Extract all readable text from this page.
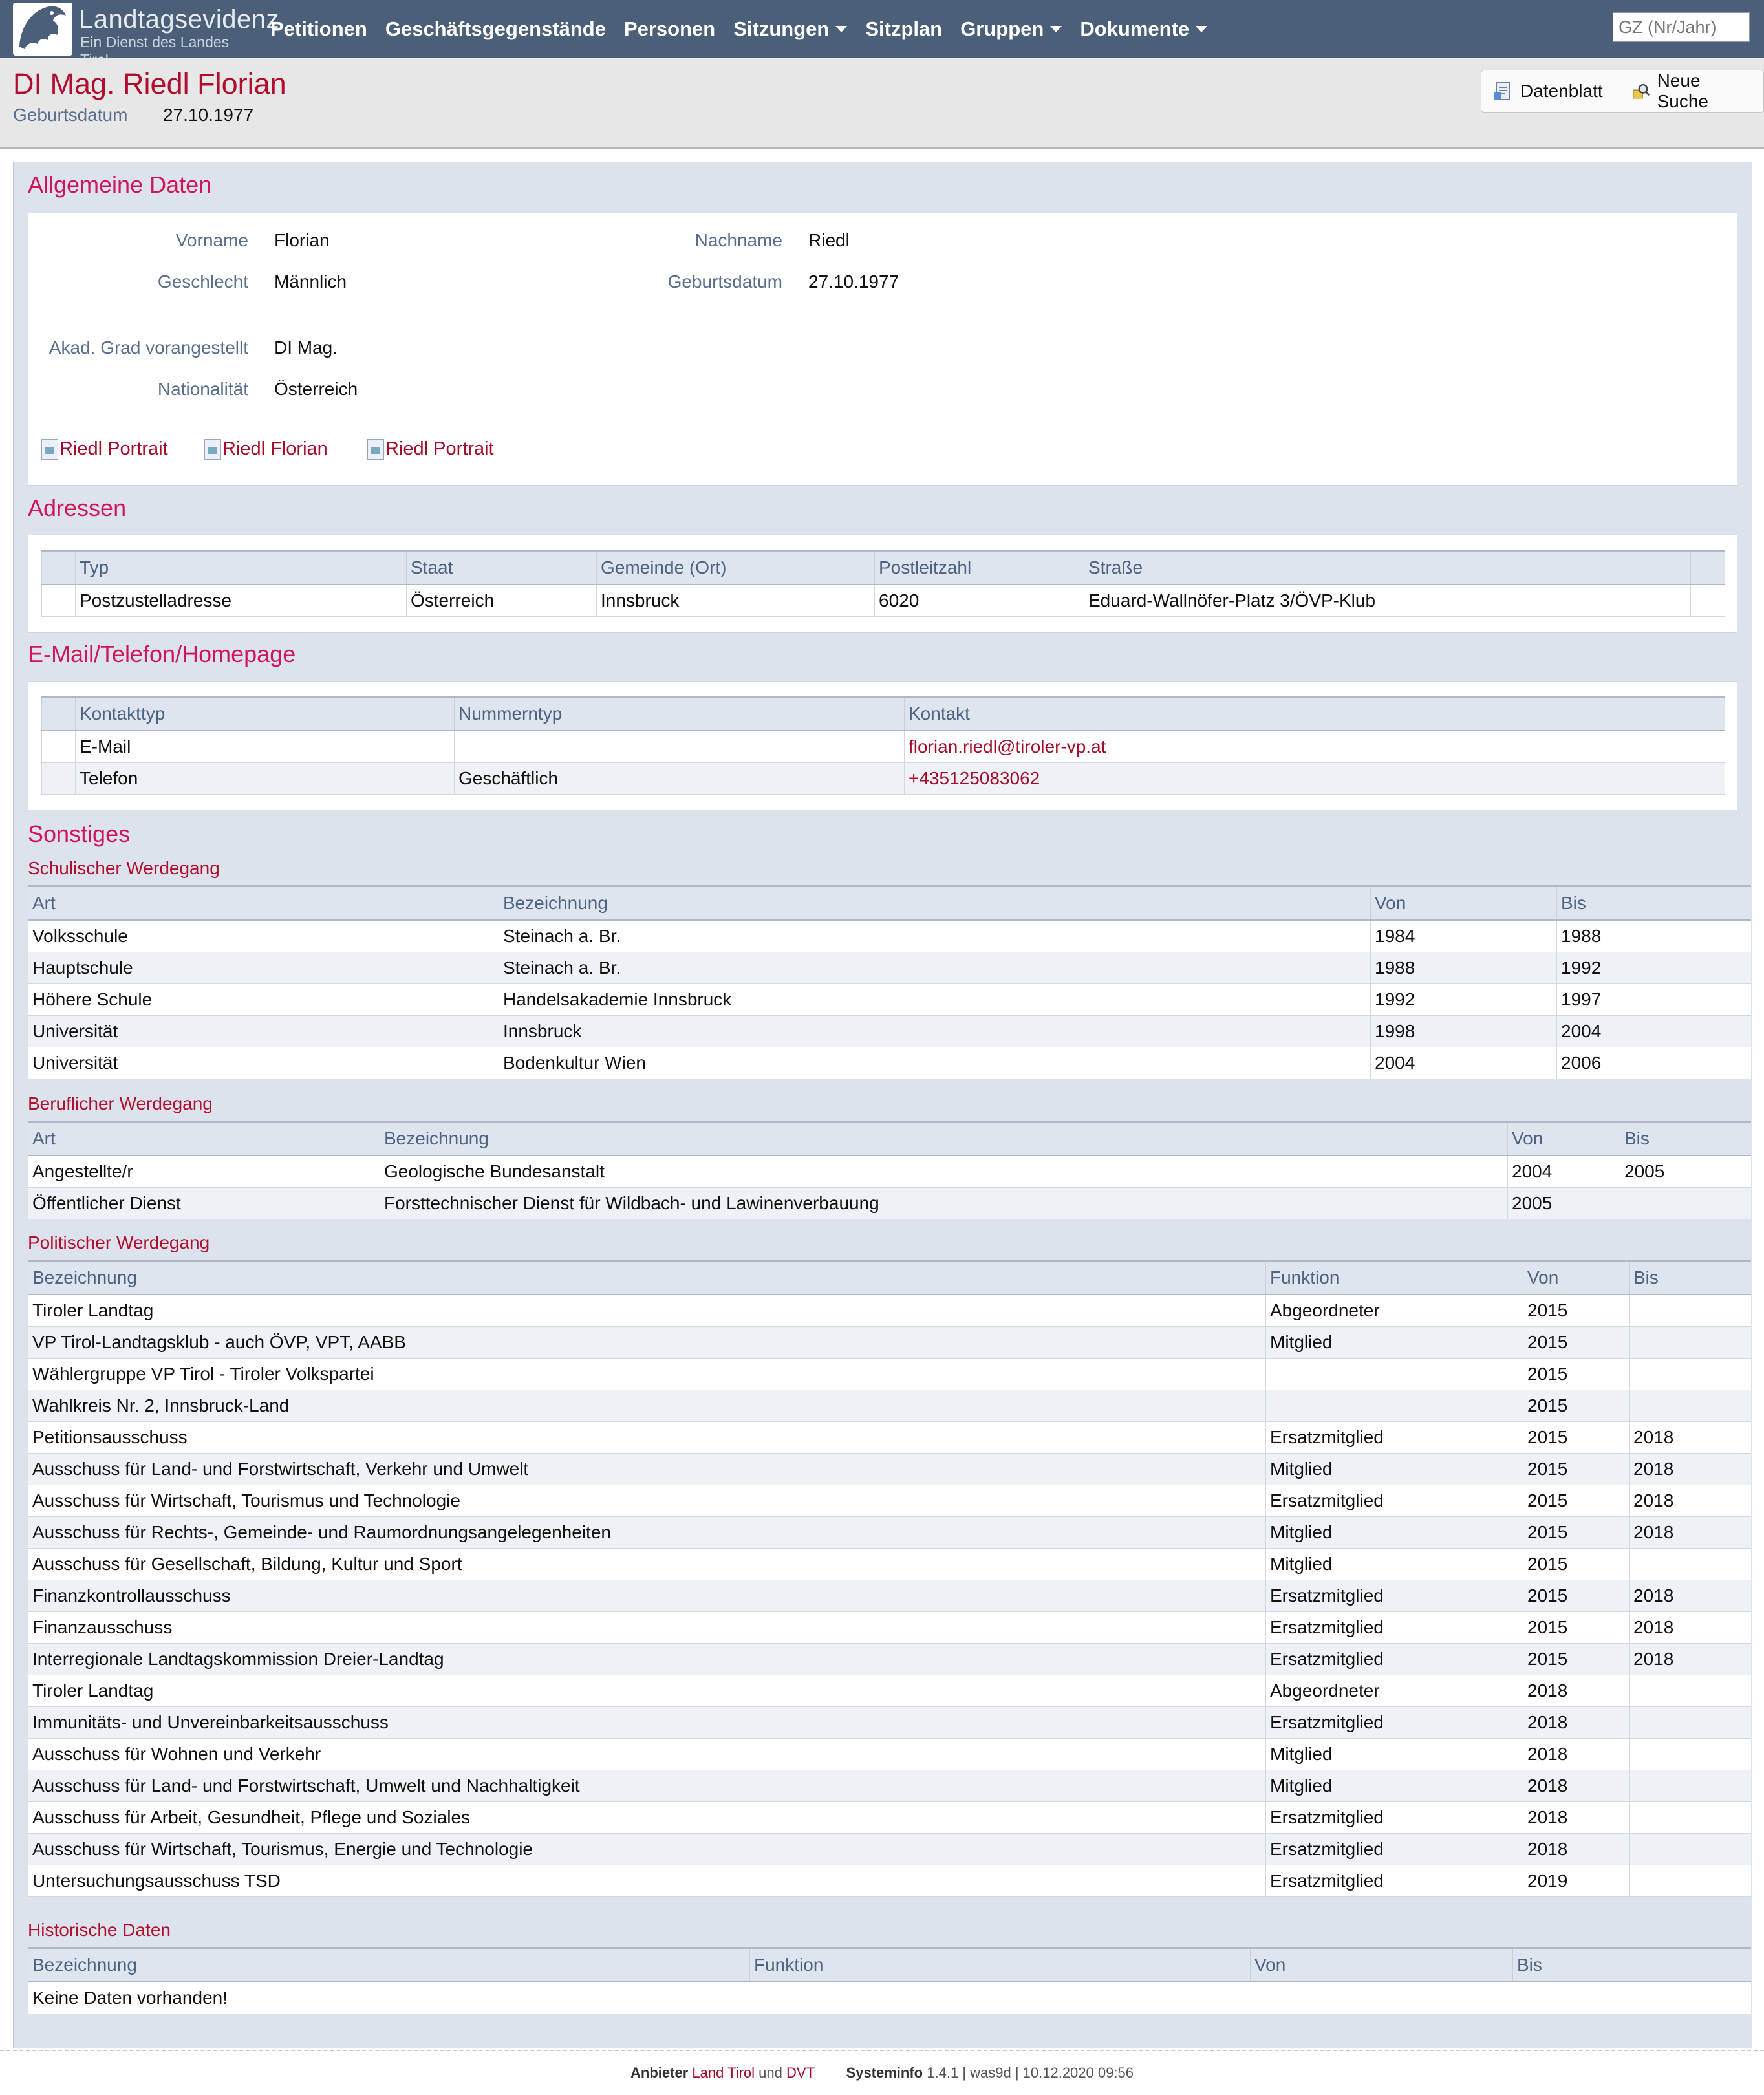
Landtagsevidenz
Ein Dienst des Landes
Petitionen Geschäftsgegenstände Personen Sitzungen Sitzplan Gruppen Dokumente
GZ (Nr/Jahr)
DI Mag. Riedl Florian
Geburtsdatum 27.10.1977
Datenblatt
Neue Suche
Allgemeine Daten
Vorname Florian	Nachname Riedl
Geschlecht Männlich	Geburtsdatum 27.10.1977
Akad. Grad vorangestellt DI Mag.
Nationalität Österreich
Riedl Portrait	Riedl Florian	Riedl Portrait
Adressen
	Typ	Staat	Gemeinde (Ort)	Postleitzahl	Straße	
	Postzustelladresse	Österreich	Innsbruck	6020	Eduard-Wallnöfer-Platz 3/ÖVP-Klub	
E-Mail/Telefon/Homepage
	Kontakttyp	Nummerntyp	Kontakt
	E-Mail		florian.riedl@tiroler-vp.at
	Telefon	Geschäftlich	+435125083062
Sonstiges
Schulischer Werdegang
Art	Bezeichnung	Von	Bis
Volksschule	Steinach a. Br.	1984	1988
Hauptschule	Steinach a. Br.	1988	1992
Höhere Schule	Handelsakademie Innsbruck	1992	1997
Universität	Innsbruck	1998	2004
Universität	Bodenkultur Wien	2004	2006
Beruflicher Werdegang
Art	Bezeichnung	Von	Bis
Angestellte/r	Geologische Bundesanstalt	2004	2005
Öffentlicher Dienst	Forsttechnischer Dienst für Wildbach- und Lawinenverbauung	2005	
Politischer Werdegang
Bezeichnung	Funktion	Von	Bis
Tiroler Landtag	Abgeordneter	2015	
VP Tirol-Landtagsklub - auch ÖVP, VPT, AABB	Mitglied	2015	
Wählergruppe VP Tirol - Tiroler Volkspartei		2015	
Wahlkreis Nr. 2, Innsbruck-Land		2015	
Petitionsausschuss	Ersatzmitglied	2015	2018
Ausschuss für Land- und Forstwirtschaft, Verkehr und Umwelt	Mitglied	2015	2018
Ausschuss für Wirtschaft, Tourismus und Technologie	Ersatzmitglied	2015	2018
Ausschuss für Rechts-, Gemeinde- und Raumordnungsangelegenheiten	Mitglied	2015	2018
Ausschuss für Gesellschaft, Bildung, Kultur und Sport	Mitglied	2015	
Finanzkontrollausschuss	Ersatzmitglied	2015	2018
Finanzausschuss	Ersatzmitglied	2015	2018
Interregionale Landtagskommission Dreier-Landtag	Ersatzmitglied	2015	2018
Tiroler Landtag	Abgeordneter	2018	
Immunitäts- und Unvereinbarkeitsausschuss	Ersatzmitglied	2018	
Ausschuss für Wohnen und Verkehr	Mitglied	2018	
Ausschuss für Land- und Forstwirtschaft, Umwelt und Nachhaltigkeit	Mitglied	2018	
Ausschuss für Arbeit, Gesundheit, Pflege und Soziales	Ersatzmitglied	2018	
Ausschuss für Wirtschaft, Tourismus, Energie und Technologie	Ersatzmitglied	2018	
Untersuchungsausschuss TSD	Ersatzmitglied	2019	
Historische Daten
Bezeichnung	Funktion	Von	Bis
Keine Daten vorhanden!
Anbieter Land Tirol und DVT Systeminfo 1.4.1 | was9d | 10.12.2020 09:56
